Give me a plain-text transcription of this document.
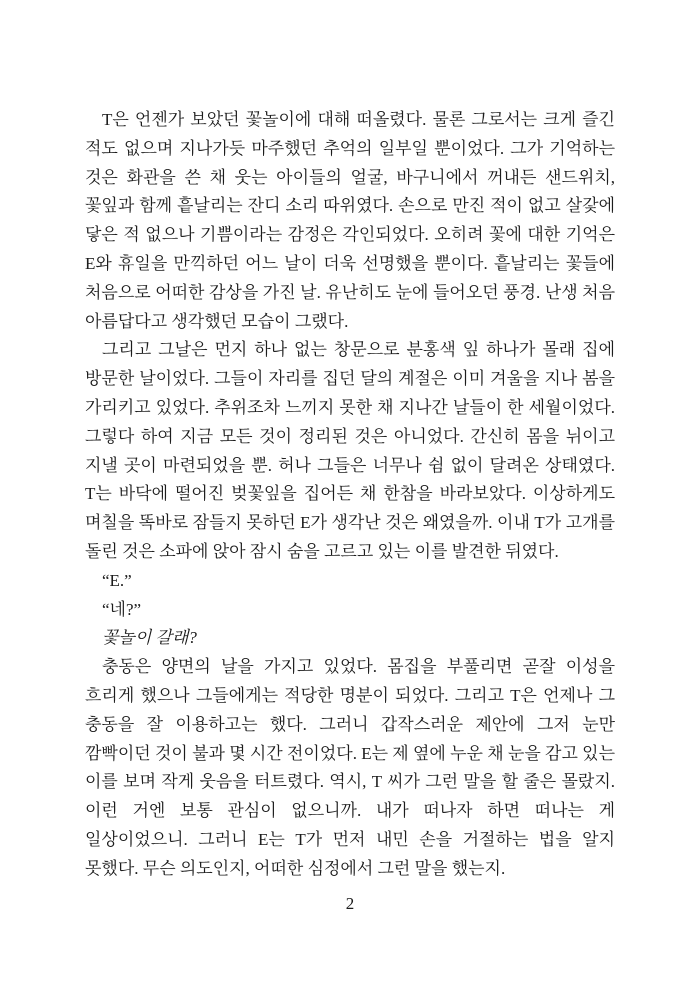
T은 언젠가 보았던 꽃놀이에 대해 떠올렸다. 물론 그로서는 크게 즐긴 적도 없으며 지나가듯 마주했던 추억의 일부일 뿐이었다. 그가 기억하는 것은 화관을 쓴 채 웃는 아이들의 얼굴, 바구니에서 꺼내든 샌드위치, 꽃잎과 함께 흩날리는 잔디 소리 따위였다. 손으로 만진 적이 없고 살갗에 닿은 적 없으나 기쁨이라는 감정은 각인되었다. 오히려 꽃에 대한 기억은 E와 휴일을 만끽하던 어느 날이 더욱 선명했을 뿐이다. 흩날리는 꽃들에 처음으로 어떠한 감상을 가진 날. 유난히도 눈에 들어오던 풍경. 난생 처음 아름답다고 생각했던 모습이 그랬다.

그리고 그날은 먼지 하나 없는 창문으로 분홍색 잎 하나가 몰래 집에 방문한 날이었다. 그들이 자리를 집던 달의 계절은 이미 겨울을 지나 봄을 가리키고 있었다. 추위조차 느끼지 못한 채 지나간 날들이 한 세월이었다. 그렇다 하여 지금 모든 것이 정리된 것은 아니었다. 간신히 몸을 뉘이고 지낼 곳이 마련되었을 뿐. 허나 그들은 너무나 쉼 없이 달려온 상태였다. T는 바닥에 떨어진 벚꽃잎을 집어든 채 한참을 바라보았다. 이상하게도 며칠을 똑바로 잠들지 못하던 E가 생각난 것은 왜였을까. 이내 T가 고개를 돌린 것은 소파에 앉아 잠시 숨을 고르고 있는 이를 발견한 뒤였다.

“E.”

“네?”

꽃놀이 갈래?

충동은 양면의 날을 가지고 있었다. 몸집을 부풀리면 곧잘 이성을 흐리게 했으나 그들에게는 적당한 명분이 되었다. 그리고 T은 언제나 그 충동을 잘 이용하고는 했다. 그러니 갑작스러운 제안에 그저 눈만 깜빡이던 것이 불과 몇 시간 전이었다. E는 제 옆에 누운 채 눈을 감고 있는 이를 보며 작게 웃음을 터트렸다. 역시, T 씨가 그런 말을 할 줄은 몰랐지. 이런 거엔 보통 관심이 없으니까. 내가 떠나자 하면 떠나는 게 일상이었으니. 그러니 E는 T가 먼저 내민 손을 거절하는 법을 알지 못했다. 무슨 의도인지, 어떠한 심정에서 그런 말을 했는지.

2
